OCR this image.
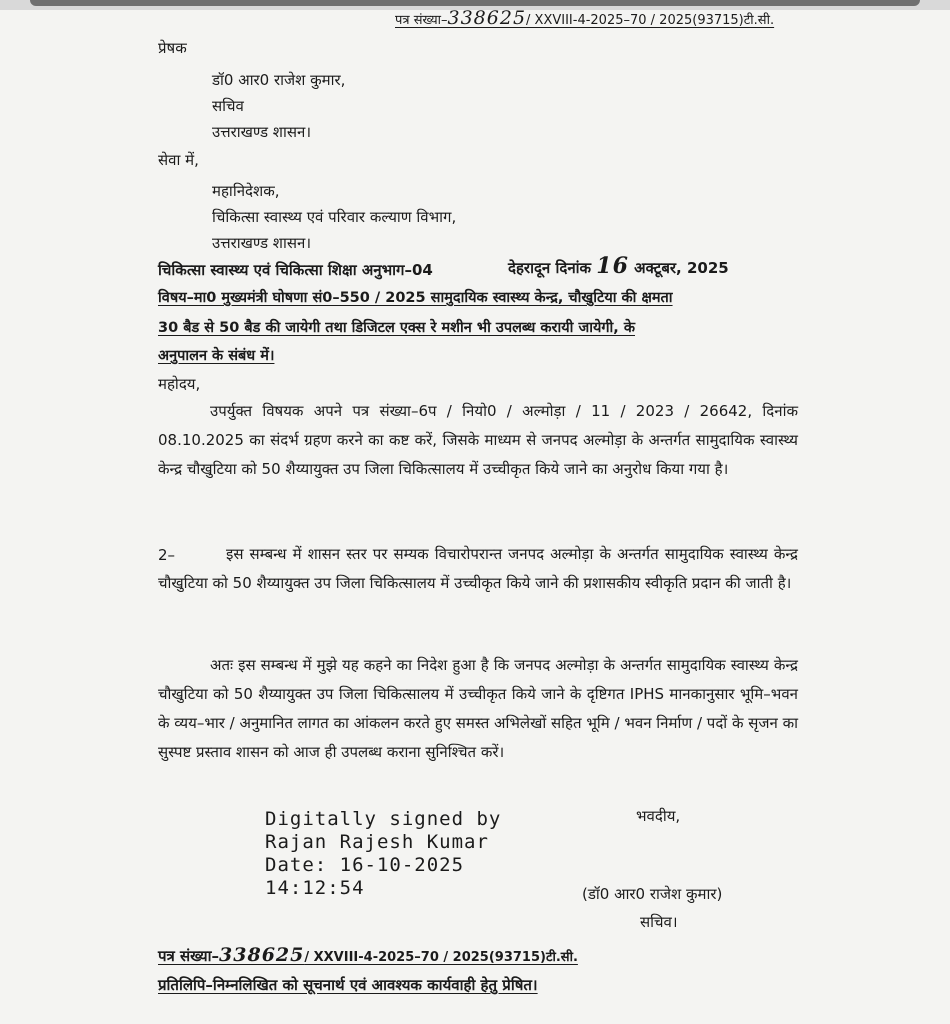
पत्र संख्या–338625/ XXVIII-4-2025–70 / 2025(93715)टी.सी.
प्रेषक
डॉ0 आर0 राजेश कुमार,
सचिव
उत्तराखण्ड शासन।
सेवा में,
महानिदेशक,
चिकित्सा स्वास्थ्य एवं परिवार कल्याण विभाग,
उत्तराखण्ड शासन।
चिकित्सा स्वास्थ्य एवं चिकित्सा शिक्षा अनुभाग–04	देहरादून दिनांक 16 अक्टूबर, 2025
विषय–मा0 मुख्यमंत्री घोषणा सं0–550 / 2025 सामुदायिक स्वास्थ्य केन्द्र, चौखुटिया की क्षमता
30 बैड से 50 बैड की जायेगी तथा डिजिटल एक्स रे मशीन भी उपलब्ध करायी जायेगी, के
अनुपालन के संबंध में।
महोदय,
उपर्युक्त विषयक अपने पत्र संख्या–6प / नियो0 / अल्मोड़ा / 11 / 2023 / 26642, दिनांक 08.10.2025 का संदर्भ ग्रहण करने का कष्ट करें, जिसके माध्यम से जनपद अल्मोड़ा के अन्तर्गत सामुदायिक स्वास्थ्य केन्द्र चौखुटिया को 50 शैय्यायुक्त उप जिला चिकित्सालय में उच्चीकृत किये जाने का अनुरोध किया गया है।
2–	इस सम्बन्ध में शासन स्तर पर सम्यक विचारोपरान्त जनपद अल्मोड़ा के अन्तर्गत सामुदायिक स्वास्थ्य केन्द्र चौखुटिया को 50 शैय्यायुक्त उप जिला चिकित्सालय में उच्चीकृत किये जाने की प्रशासकीय स्वीकृति प्रदान की जाती है।
अतः इस सम्बन्ध में मुझे यह कहने का निदेश हुआ है कि जनपद अल्मोड़ा के अन्तर्गत सामुदायिक स्वास्थ्य केन्द्र चौखुटिया को 50 शैय्यायुक्त उप जिला चिकित्सालय में उच्चीकृत किये जाने के दृष्टिगत IPHS मानकानुसार भूमि–भवन के व्यय–भार / अनुमानित लागत का आंकलन करते हुए समस्त अभिलेखों सहित भूमि / भवन निर्माण / पदों के सृजन का सुस्पष्ट प्रस्ताव शासन को आज ही उपलब्ध कराना सुनिश्चित करें।
Digitally signed by
Rajan Rajesh Kumar
Date: 16-10-2025
14:12:54
भवदीय,
(डॉ0 आर0 राजेश कुमार)
सचिव।
पत्र संख्या–338625/ XXVIII-4-2025–70 / 2025(93715)टी.सी.
प्रतिलिपि–निम्नलिखित को सूचनार्थ एवं आवश्यक कार्यवाही हेतु प्रेषित।
